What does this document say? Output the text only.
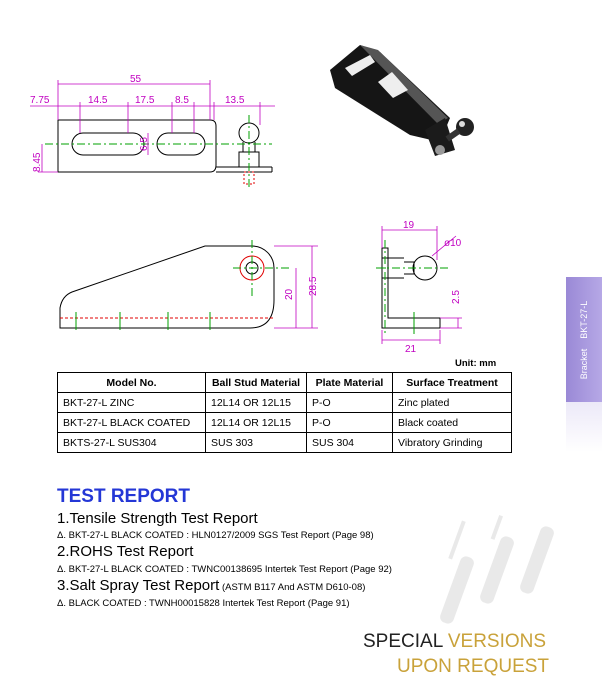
BracketBKT-27-L
55
7.75	14.5	17.5 8.5	13.5
6.5
8.45
20 28.5
19
ø10
2.5
21
Unit: mm
Model No.	Ball Stud Material	Plate Material	Surface Treatment
BKT-27-L ZINC	12L14 OR 12L15	P-O	Zinc plated
BKT-27-L BLACK COATED	12L14 OR 12L15	P-O	Black coated
BKTS-27-L SUS304	SUS 303	SUS 304	Vibratory Grinding
TEST REPORT
1.Tensile Strength Test Report
Δ. BKT-27-L BLACK COATED : HLN0127/2009 SGS Test Report (Page 98)
2.ROHS Test Report
Δ. BKT-27-L BLACK COATED : TWNC00138695 Intertek Test Report (Page 92)
3.Salt Spray Test Report (ASTM B117 And ASTM D610-08)
Δ. BLACK COATED : TWNH00015828 Intertek Test Report (Page 91)
SPECIAL VERSIONS
UPON REQUEST
